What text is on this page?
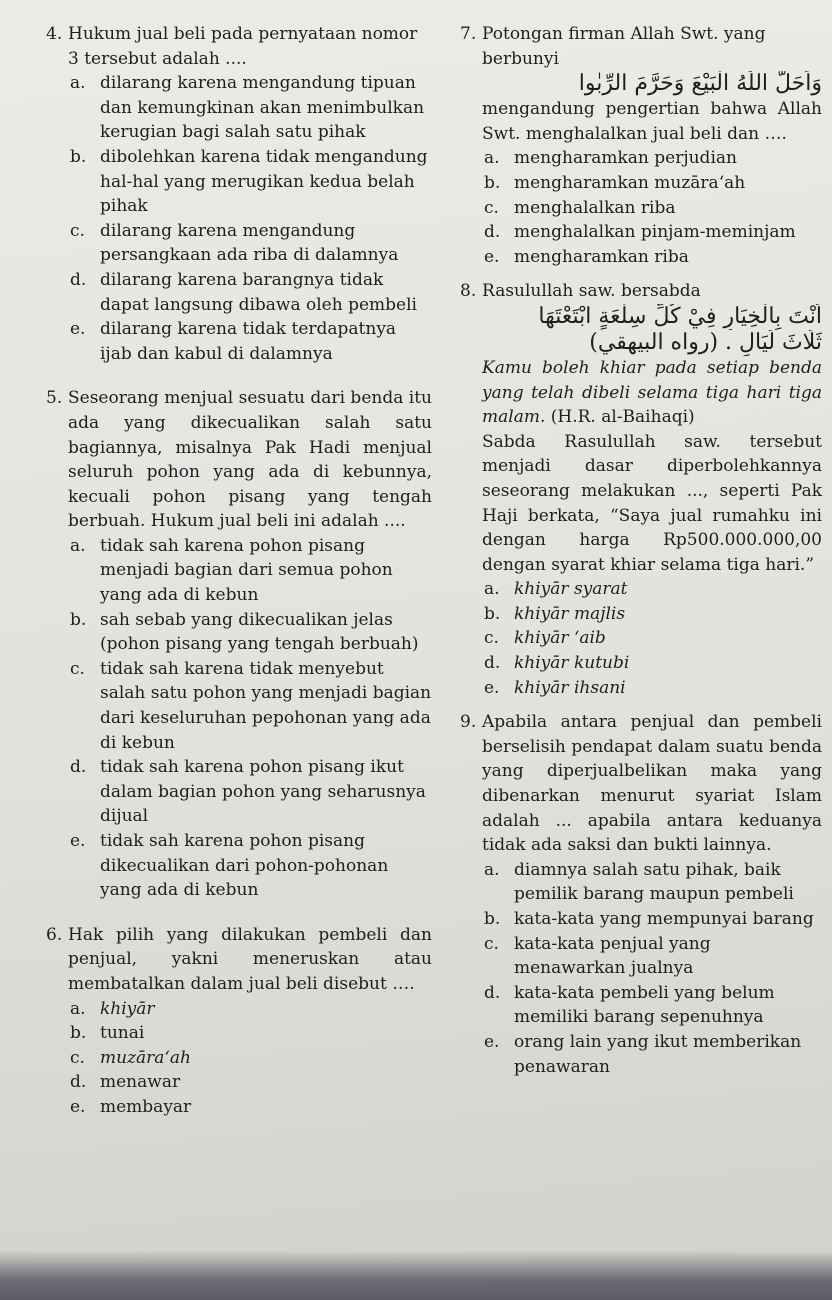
4. Hukum jual beli pada pernyataan nomor 3 tersebut adalah ....
a. dilarang karena mengandung tipuan dan kemungkinan akan menimbulkan kerugian bagi salah satu pihak
b. dibolehkan karena tidak mengandung hal-hal yang merugikan kedua belah pihak
c. dilarang karena mengandung persangkaan ada riba di dalamnya
d. dilarang karena barangnya tidak dapat langsung dibawa oleh pembeli
e. dilarang karena tidak terdapatnya ijab dan kabul di dalamnya
5. Seseorang menjual sesuatu dari benda itu ada yang dikecualikan salah satu bagiannya, misalnya Pak Hadi menjual seluruh pohon yang ada di kebunnya, kecuali pohon pisang yang tengah berbuah. Hukum jual beli ini adalah ....
a. tidak sah karena pohon pisang menjadi bagian dari semua pohon yang ada di kebun
b. sah sebab yang dikecualikan jelas (pohon pisang yang tengah berbuah)
c. tidak sah karena tidak menyebut salah satu pohon yang menjadi bagian dari keseluruhan pepohonan yang ada di kebun
d. tidak sah karena pohon pisang ikut dalam bagian pohon yang seharusnya dijual
e. tidak sah karena pohon pisang dikecualikan dari pohon-pohonan yang ada di kebun
6. Hak pilih yang dilakukan pembeli dan penjual, yakni meneruskan atau membatalkan dalam jual beli disebut ….
a. khiyār
b. tunai
c. muzāra‘ah
d. menawar
e. membayar
7. Potongan firman Allah Swt. yang berbunyi
وَاَحَلَّ اللّٰهُ الْبَيْعَ وَحَرَّمَ الرِّبٰوا
mengandung pengertian bahwa Allah Swt. menghalalkan jual beli dan ….
a. mengharamkan perjudian
b. mengharamkan muzāra‘ah
c. menghalalkan riba
d. menghalalkan pinjam-meminjam
e. mengharamkan riba
8. Rasulullah saw. bersabda
اَنْتَ بِالْخِيَارِ فِيْ كُلِّ سِلْعَةٍ ابْتَعْتَهَا
ثَلَاثَ لَيَالٍ . (رواه البيهقي)
Kamu boleh khiar pada setiap benda yang telah dibeli selama tiga hari tiga malam. (H.R. al-Baihaqi)
Sabda Rasulullah saw. tersebut menjadi dasar diperbolehkannya seseorang melakukan ..., seperti Pak Haji berkata, “Saya jual rumahku ini dengan harga Rp500.000.000,00 dengan syarat khiar selama tiga hari.”
a. khiyār syarat
b. khiyār majlis
c. khiyār ‘aib
d. khiyār kutubi
e. khiyār ihsani
9. Apabila antara penjual dan pembeli berselisih pendapat dalam suatu benda yang diperjualbelikan maka yang dibenarkan menurut syariat Islam adalah ... apabila antara keduanya tidak ada saksi dan bukti lainnya.
a. diamnya salah satu pihak, baik pemilik barang maupun pembeli
b. kata-kata yang mempunyai barang
c. kata-kata penjual yang menawarkan jualnya
d. kata-kata pembeli yang belum memiliki barang sepenuhnya
e. orang lain yang ikut memberikan penawaran
